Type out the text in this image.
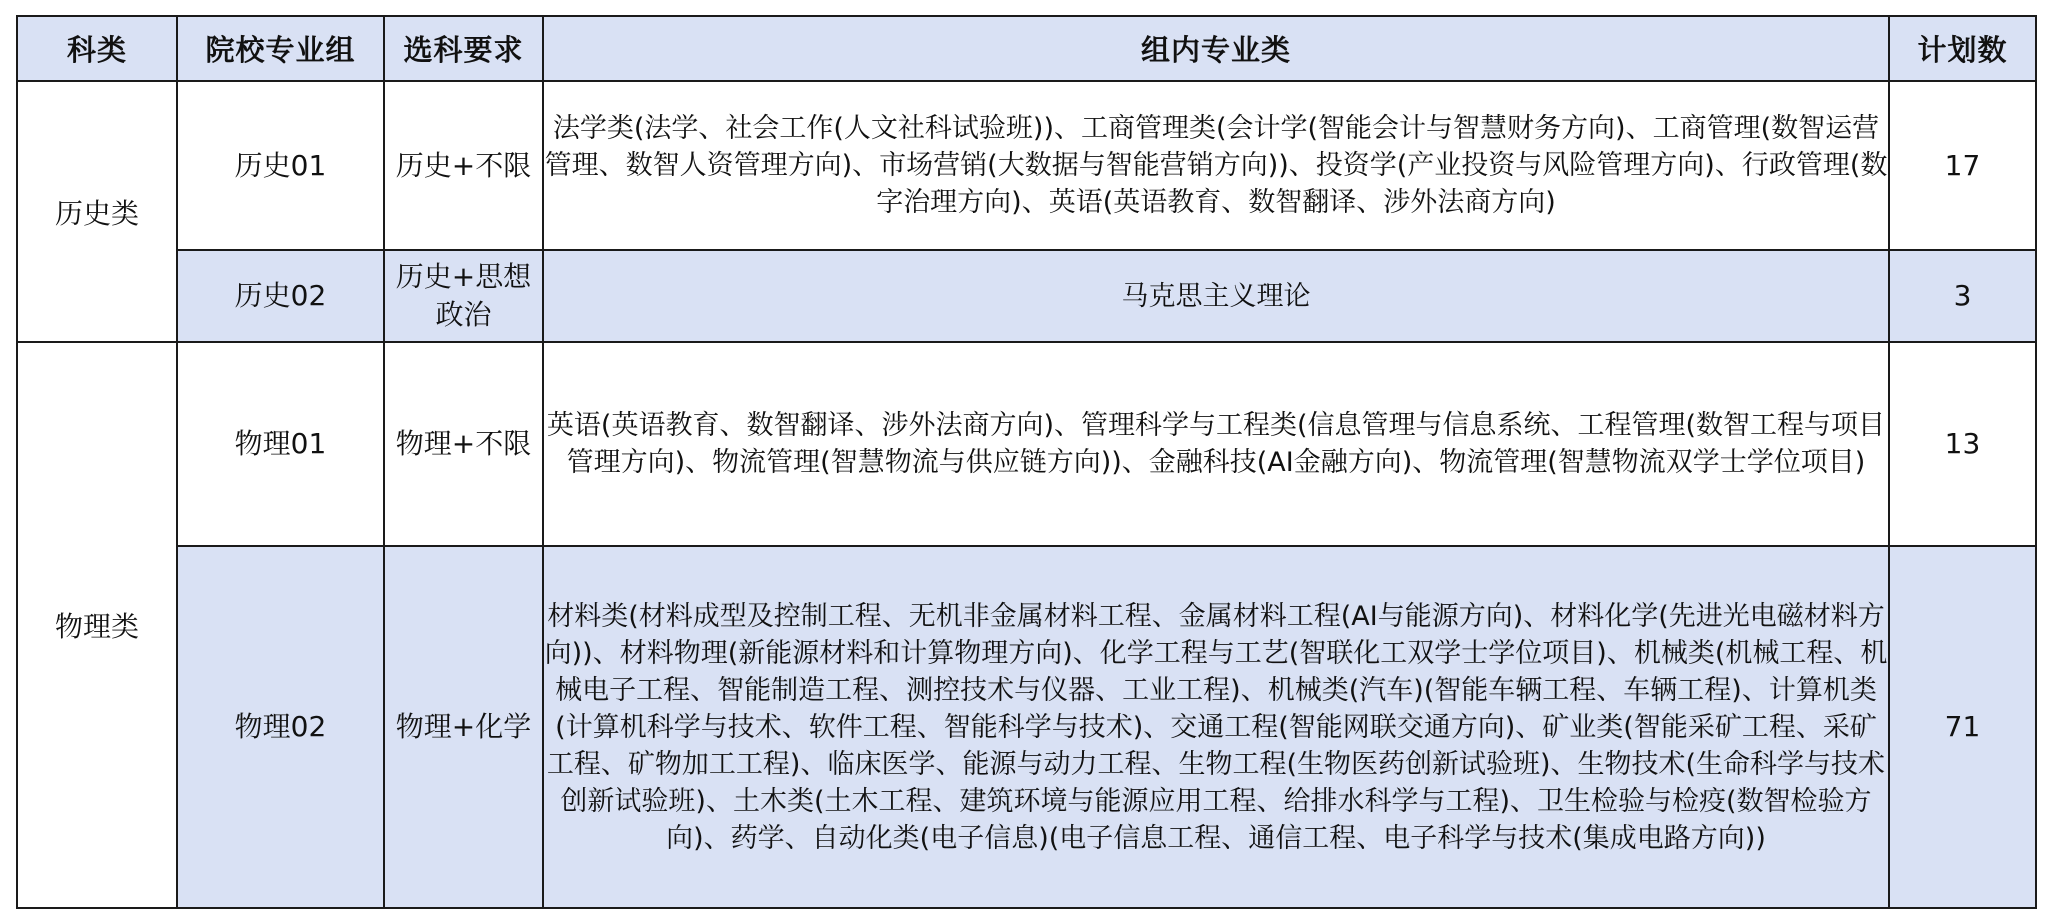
科类	院校专业组	选科要求	组内专业类	计划数
历史类	历史01	历史+不限	法学类(法学、社会工作(人文社科试验班))、工商管理类(会计学(智能会计与智慧财务方向)、工商管理(数智运营管理、数智人资管理方向)、市场营销(大数据与智能营销方向))、投资学(产业投资与风险管理方向)、行政管理(数字治理方向)、英语(英语教育、数智翻译、涉外法商方向)	17
	历史02	历史+思想政治	马克思主义理论	3
物理类	物理01	物理+不限	英语(英语教育、数智翻译、涉外法商方向)、管理科学与工程类(信息管理与信息系统、工程管理(数智工程与项目管理方向)、物流管理(智慧物流与供应链方向))、金融科技(AI金融方向)、物流管理(智慧物流双学士学位项目)	13
	物理02	物理+化学	材料类(材料成型及控制工程、无机非金属材料工程、金属材料工程(AI与能源方向)、材料化学(先进光电磁材料方向))、材料物理(新能源材料和计算物理方向)、化学工程与工艺(智联化工双学士学位项目)、机械类(机械工程、机械电子工程、智能制造工程、测控技术与仪器、工业工程)、机械类(汽车)(智能车辆工程、车辆工程)、计算机类(计算机科学与技术、软件工程、智能科学与技术)、交通工程(智能网联交通方向)、矿业类(智能采矿工程、采矿工程、矿物加工工程)、临床医学、能源与动力工程、生物工程(生物医药创新试验班)、生物技术(生命科学与技术创新试验班)、土木类(土木工程、建筑环境与能源应用工程、给排水科学与工程)、卫生检验与检疫(数智检验方向)、药学、自动化类(电子信息)(电子信息工程、通信工程、电子科学与技术(集成电路方向))	71
